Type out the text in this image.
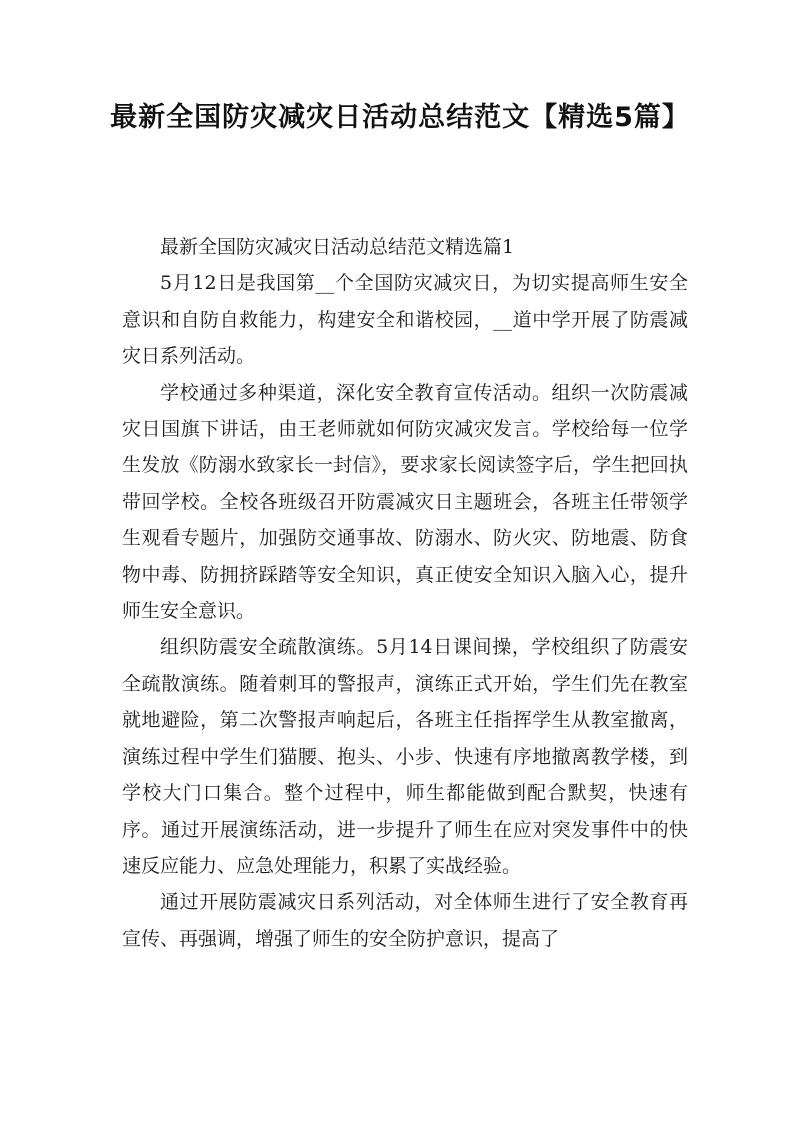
最新全国防灾减灾日活动总结范文【精选5篇】

最新全国防灾减灾日活动总结范文精选篇1

5月12日是我国第__个全国防灾减灾日，为切实提高师生安全意识和自防自救能力，构建安全和谐校园，__道中学开展了防震减灾日系列活动。

学校通过多种渠道，深化安全教育宣传活动。组织一次防震减灾日国旗下讲话，由王老师就如何防灾减灾发言。学校给每一位学生发放《防溺水致家长一封信》，要求家长阅读签字后，学生把回执带回学校。全校各班级召开防震减灾日主题班会，各班主任带领学生观看专题片，加强防交通事故、防溺水、防火灾、防地震、防食物中毒、防拥挤踩踏等安全知识，真正使安全知识入脑入心，提升师生安全意识。

组织防震安全疏散演练。5月14日课间操，学校组织了防震安全疏散演练。随着刺耳的警报声，演练正式开始，学生们先在教室就地避险，第二次警报声响起后，各班主任指挥学生从教室撤离，演练过程中学生们猫腰、抱头、小步、快速有序地撤离教学楼，到学校大门口集合。整个过程中，师生都能做到配合默契，快速有序。通过开展演练活动，进一步提升了师生在应对突发事件中的快速反应能力、应急处理能力，积累了实战经验。

通过开展防震减灾日系列活动，对全体师生进行了安全教育再宣传、再强调，增强了师生的安全防护意识，提高了
